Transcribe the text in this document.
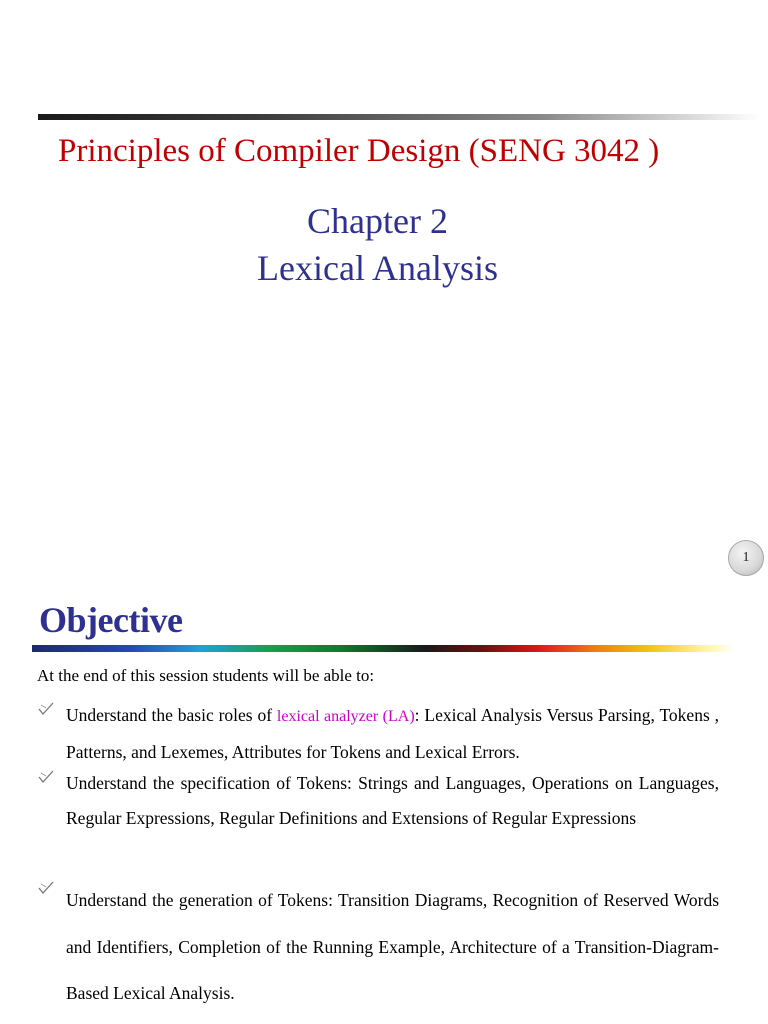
Principles of Compiler Design (SENG 3042 )
Chapter 2
Lexical Analysis
1
Objective

At the end of this session students will be able to:

Understand the basic roles of lexical analyzer (LA): Lexical Analysis Versus Parsing, Tokens , Patterns, and Lexemes, Attributes for Tokens and Lexical Errors.
Understand the specification of Tokens: Strings and Languages, Operations on Languages, Regular Expressions, Regular Definitions and Extensions of Regular Expressions
Understand the generation of Tokens: Transition Diagrams, Recognition of Reserved Words and Identifiers, Completion of the Running Example, Architecture of a Transition-Diagram-Based Lexical Analysis.
